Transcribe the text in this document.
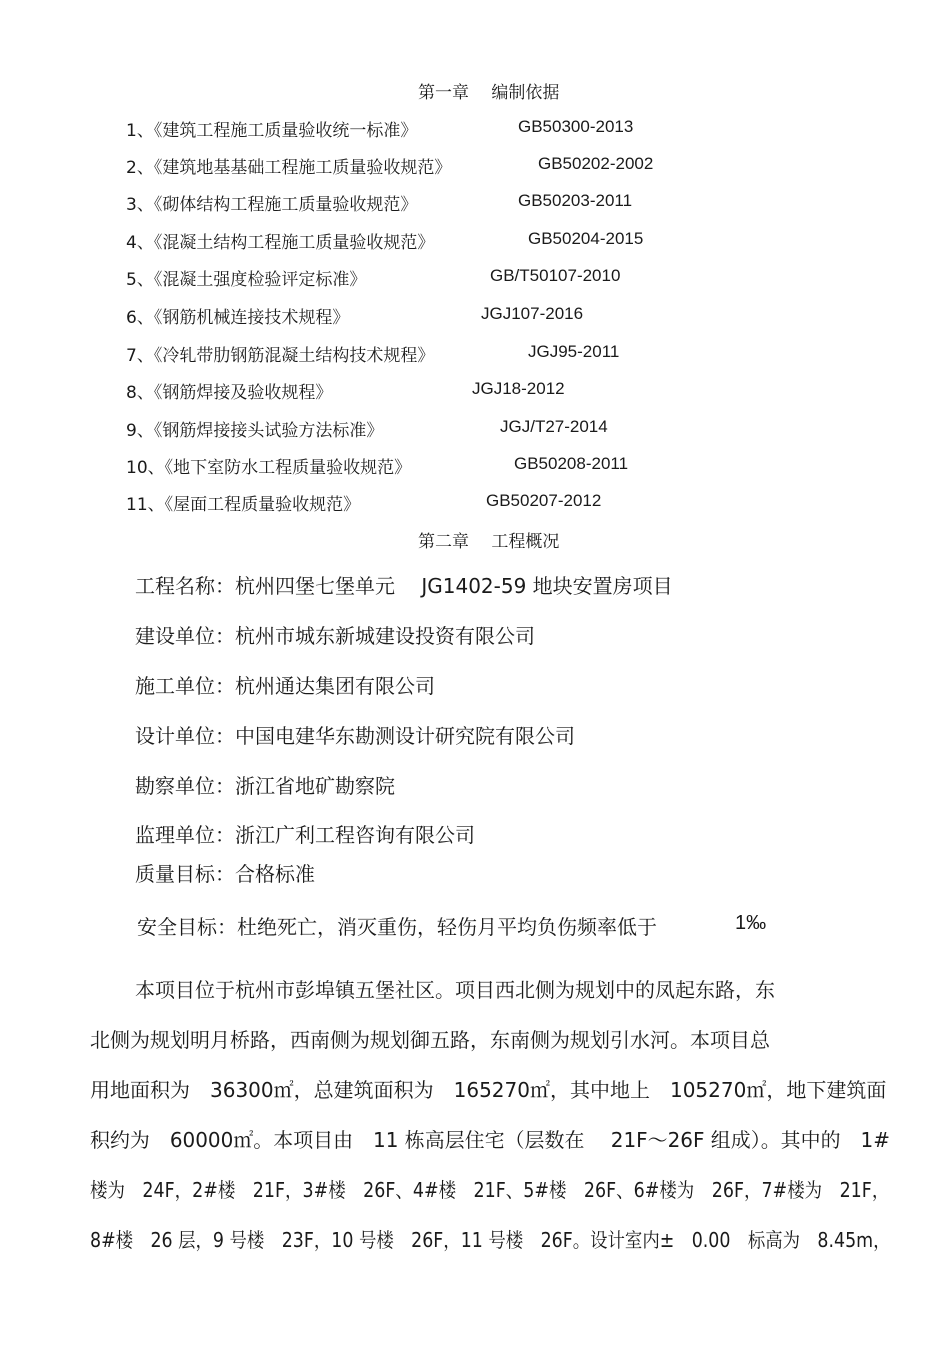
第一章　 编制依据
1、《建筑工程施工质量验收统一标准》	GB50300-2013
2、《建筑地基基础工程施工质量验收规范》	GB50202-2002
3、《砌体结构工程施工质量验收规范》	GB50203-2011
4、《混凝土结构工程施工质量验收规范》	GB50204-2015
5、《混凝土强度检验评定标准》	GB/T50107-2010
6、《钢筋机械连接技术规程》	JGJ107-2016
7、《冷轧带肋钢筋混凝土结构技术规程》	JGJ95-2011
8、《钢筋焊接及验收规程》	JGJ18-2012
9、《钢筋焊接接头试验方法标准》	JGJ/T27-2014
10、《地下室防水工程质量验收规范》	GB50208-2011
11、《屋面工程质量验收规范》	GB50207-2012
第二章　 工程概况
工程名称：杭州四堡七堡单元　 JG1402-59 地块安置房项目
建设单位：杭州市城东新城建设投资有限公司
施工单位：杭州通达集团有限公司
设计单位：中国电建华东勘测设计研究院有限公司
勘察单位：浙江省地矿勘察院
监理单位：浙江广利工程咨询有限公司
质量目标：合格标准
安全目标：杜绝死亡，消灭重伤，轻伤月平均负伤频率低于	1‰
本项目位于杭州市彭埠镇五堡社区。项目西北侧为规划中的凤起东路，东
北侧为规划明月桥路，西南侧为规划御五路，东南侧为规划引水河。本项目总
用地面积为　36300㎡，总建筑面积为　165270㎡，其中地上　105270㎡，地下建筑面
积约为　60000㎡。本项目由　11 栋高层住宅（层数在　 21F～26F 组成）。其中的　1#
楼为　24F，2#楼　21F，3#楼　26F、4#楼　21F、5#楼　26F、6#楼为　26F，7#楼为　21F，
8#楼　26 层，9 号楼　23F，10 号楼　26F，11 号楼　26F。设计室内±　0.00　标高为　8.45m，
